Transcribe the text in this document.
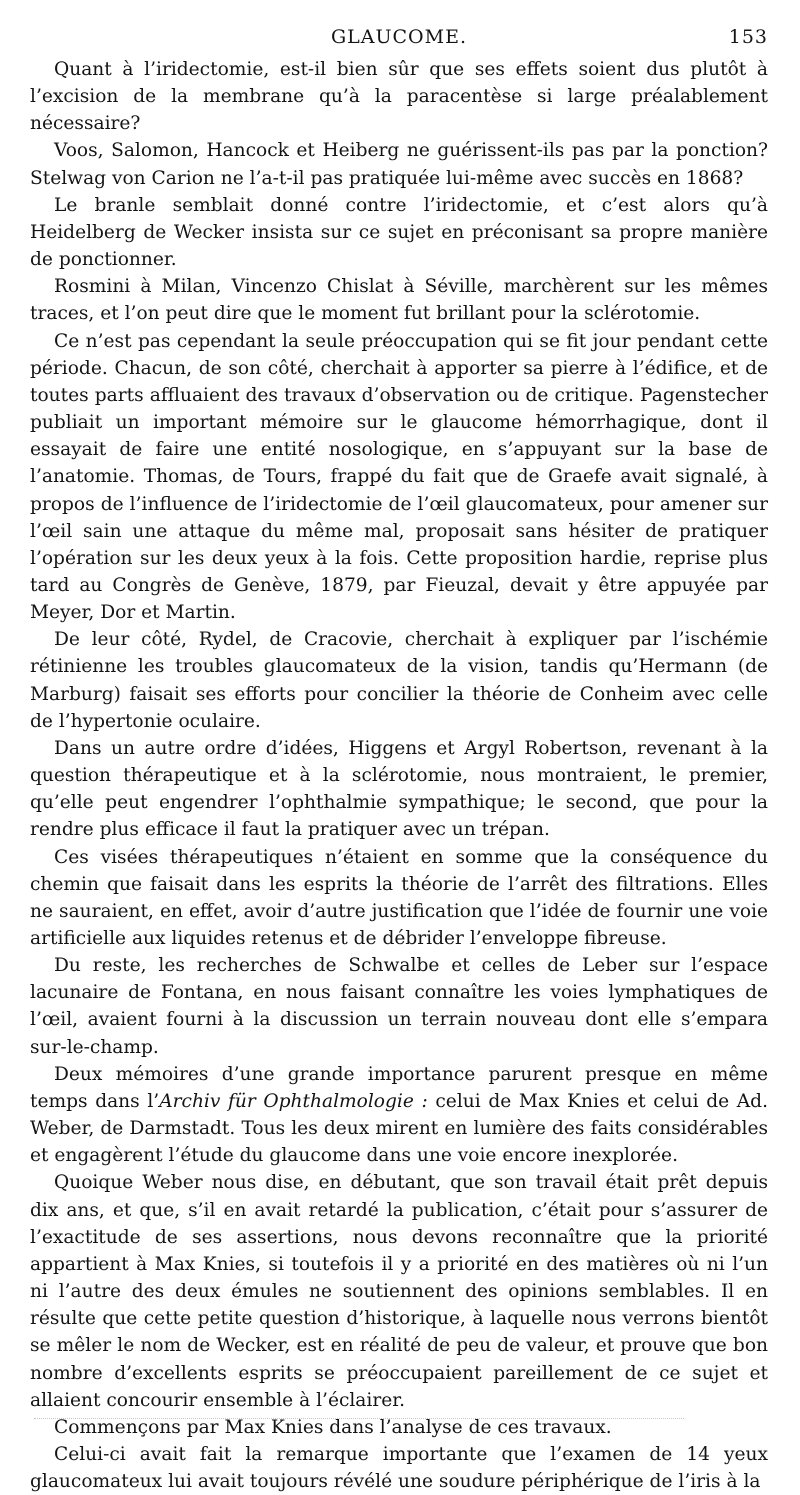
GLAUCOME.	153

Quant à l’iridectomie, est-il bien sûr que ses effets soient dus plutôt à l’excision de la membrane qu’à la paracentèse si large préalablement nécessaire?

Voos, Salomon, Hancock et Heiberg ne guérissent-ils pas par la ponction? Stelwag von Carion ne l’a-t-il pas pratiquée lui-même avec succès en 1868?

Le branle semblait donné contre l’iridectomie, et c’est alors qu’à Heidelberg de Wecker insista sur ce sujet en préconisant sa propre manière de ponctionner.

Rosmini à Milan, Vincenzo Chislat à Séville, marchèrent sur les mêmes traces, et l’on peut dire que le moment fut brillant pour la sclérotomie.

Ce n’est pas cependant la seule préoccupation qui se fit jour pendant cette période. Chacun, de son côté, cherchait à apporter sa pierre à l’édifice, et de toutes parts affluaient des travaux d’observation ou de critique. Pagenstecher publiait un important mémoire sur le glaucome hémorrhagique, dont il essayait de faire une entité nosologique, en s’appuyant sur la base de l’anatomie. Thomas, de Tours, frappé du fait que de Graefe avait signalé, à propos de l’influence de l’iridectomie de l’œil glaucomateux, pour amener sur l’œil sain une attaque du même mal, proposait sans hésiter de pratiquer l’opération sur les deux yeux à la fois. Cette proposition hardie, reprise plus tard au Congrès de Genève, 1879, par Fieuzal, devait y être appuyée par Meyer, Dor et Martin.

De leur côté, Rydel, de Cracovie, cherchait à expliquer par l’ischémie rétinienne les troubles glaucomateux de la vision, tandis qu’Hermann (de Marburg) faisait ses efforts pour concilier la théorie de Conheim avec celle de l’hypertonie oculaire.

Dans un autre ordre d’idées, Higgens et Argyl Robertson, revenant à la question thérapeutique et à la sclérotomie, nous montraient, le premier, qu’elle peut engendrer l’ophthalmie sympathique; le second, que pour la rendre plus efficace il faut la pratiquer avec un trépan.

Ces visées thérapeutiques n’étaient en somme que la conséquence du chemin que faisait dans les esprits la théorie de l’arrêt des filtrations. Elles ne sauraient, en effet, avoir d’autre justification que l’idée de fournir une voie artificielle aux liquides retenus et de débrider l’enveloppe fibreuse.

Du reste, les recherches de Schwalbe et celles de Leber sur l’espace lacunaire de Fontana, en nous faisant connaître les voies lymphatiques de l’œil, avaient fourni à la discussion un terrain nouveau dont elle s’empara sur-le-champ.

Deux mémoires d’une grande importance parurent presque en même temps dans l’Archiv für Ophthalmologie : celui de Max Knies et celui de Ad. Weber, de Darmstadt. Tous les deux mirent en lumière des faits considérables et engagèrent l’étude du glaucome dans une voie encore inexplorée.

Quoique Weber nous dise, en débutant, que son travail était prêt depuis dix ans, et que, s’il en avait retardé la publication, c’était pour s’assurer de l’exactitude de ses assertions, nous devons reconnaître que la priorité appartient à Max Knies, si toutefois il y a priorité en des matières où ni l’un ni l’autre des deux émules ne soutiennent des opinions semblables. Il en résulte que cette petite question d’historique, à laquelle nous verrons bientôt se mêler le nom de Wecker, est en réalité de peu de valeur, et prouve que bon nombre d’excellents esprits se préoccupaient pareillement de ce sujet et allaient concourir ensemble à l’éclairer.

Commençons par Max Knies dans l’analyse de ces travaux.

Celui-ci avait fait la remarque importante que l’examen de 14 yeux glaucomateux lui avait toujours révélé une soudure périphérique de l’iris à la
